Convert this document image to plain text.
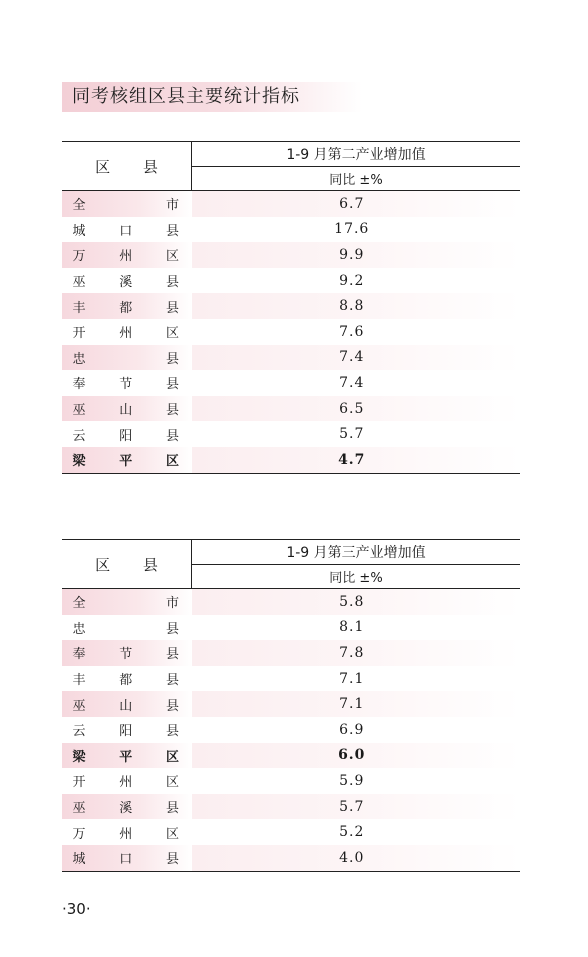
同考核组区县主要统计指标
区 县	1-9 月第二产业增加值
	同比 ±%

全 市	6.7

城 口 县	17.6

万 州 区	9.9

巫 溪 县	9.2

丰 都 县	8.8

开 州 区	7.6

忠 县	7.4

奉 节 县	7.4

巫 山 县	6.5

云 阳 县	5.7

梁 平 区	4.7
区 县	1-9 月第三产业增加值
	同比 ±%

全 市	5.8

忠 县	8.1

奉 节 县	7.8

丰 都 县	7.1

巫 山 县	7.1

云 阳 县	6.9

梁 平 区	6.0

开 州 区	5.9

巫 溪 县	5.7

万 州 区	5.2

城 口 县	4.0
·30·
